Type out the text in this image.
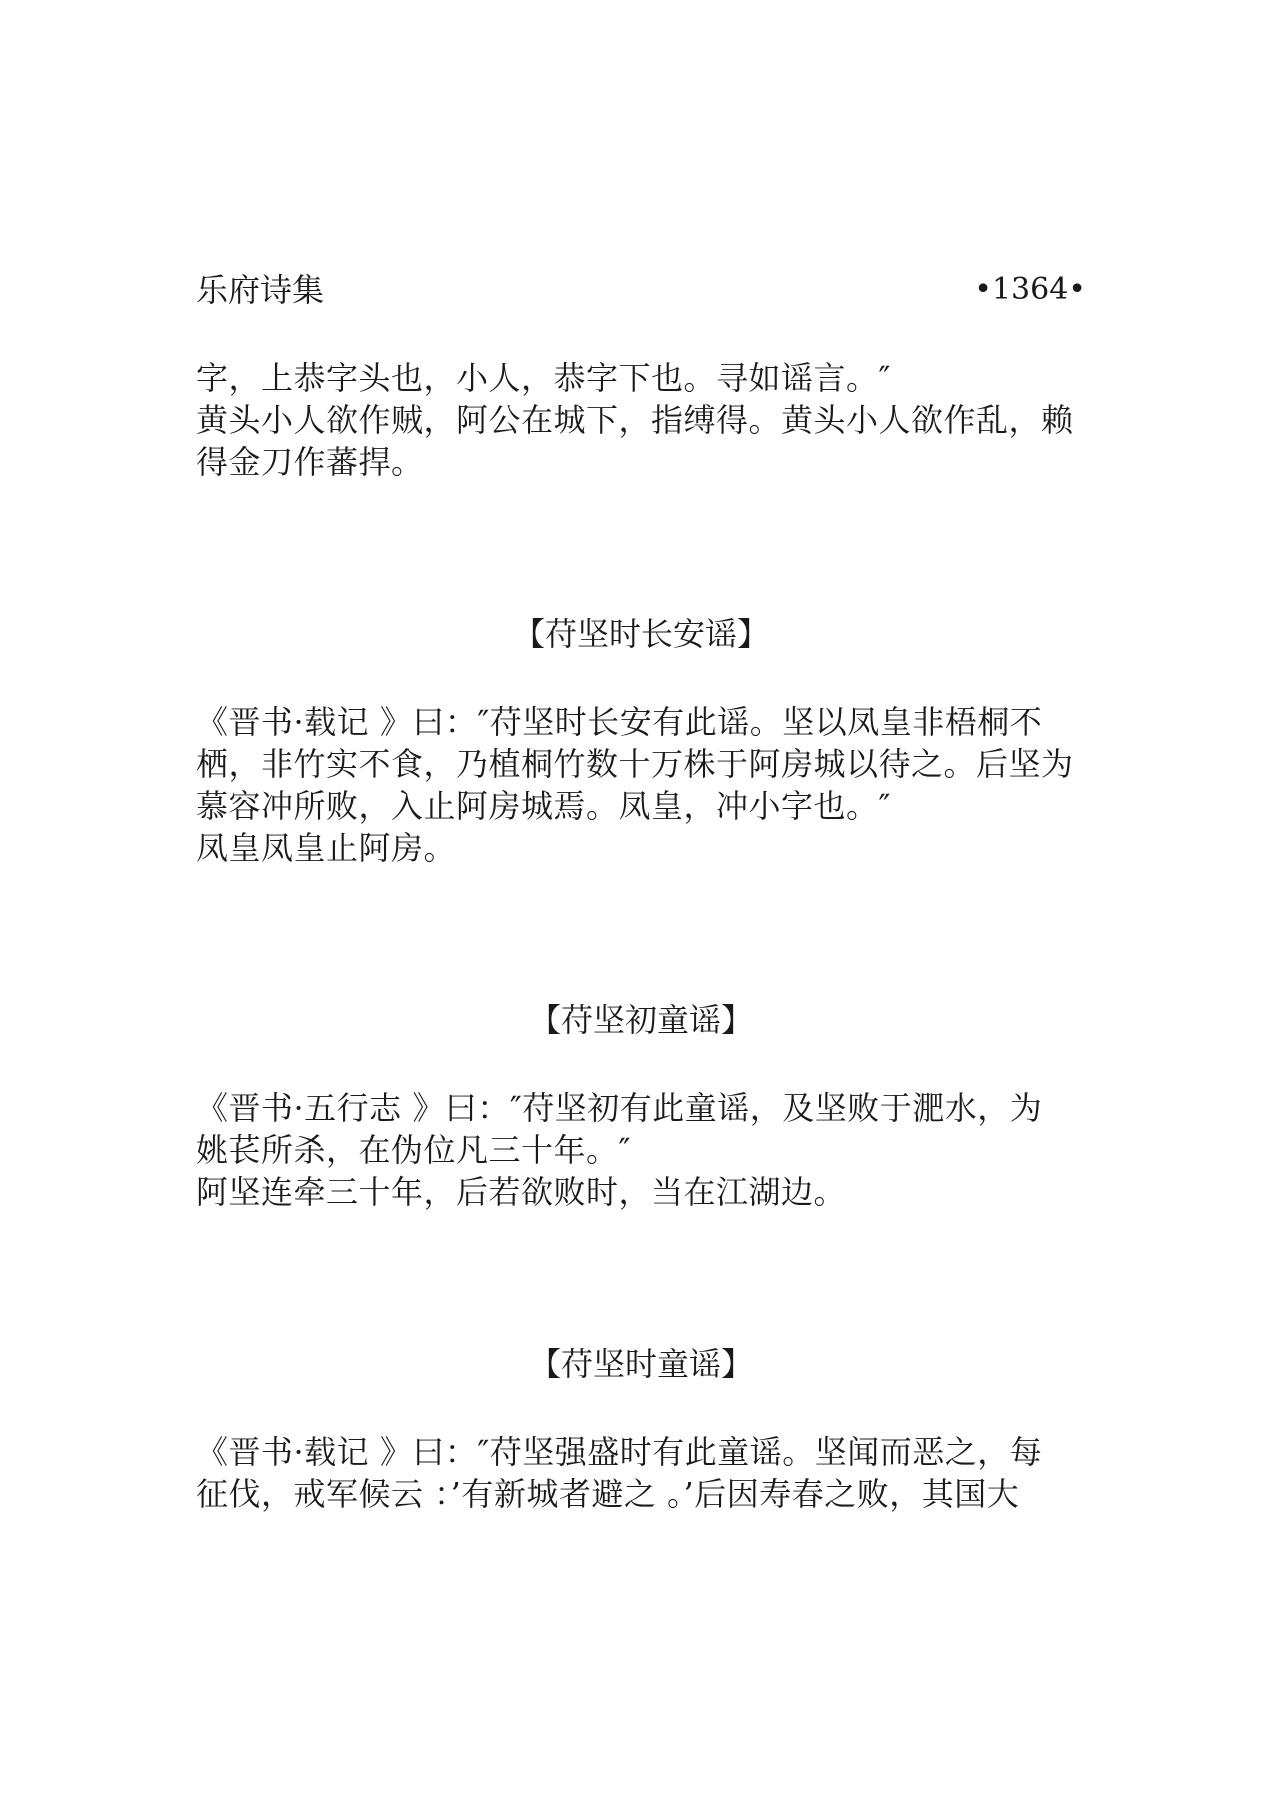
乐府诗集	•1364•
字，上恭字头也，小人，恭字下也。寻如谣言。″
黄头小人欲作贼，阿公在城下，指缚得。黄头小人欲作乱，赖
得金刀作蕃捍。
【苻坚时长安谣】
《晋书·载记 》曰：″苻坚时长安有此谣。坚以凤皇非梧桐不
栖，非竹实不食，乃植桐竹数十万株于阿房城以待之。后坚为
慕容冲所败，入止阿房城焉。凤皇，冲小字也。″
凤皇凤皇止阿房。
【苻坚初童谣】
《晋书·五行志 》曰：″苻坚初有此童谣，及坚败于淝水，为
姚苌所杀，在伪位凡三十年。″
阿坚连牵三十年，后若欲败时，当在江湖边。
【苻坚时童谣】
《晋书·载记 》曰：″苻坚强盛时有此童谣。坚闻而恶之，每
征伐，戒军候云 ：’有新城者避之 。’后因寿春之败，其国大
